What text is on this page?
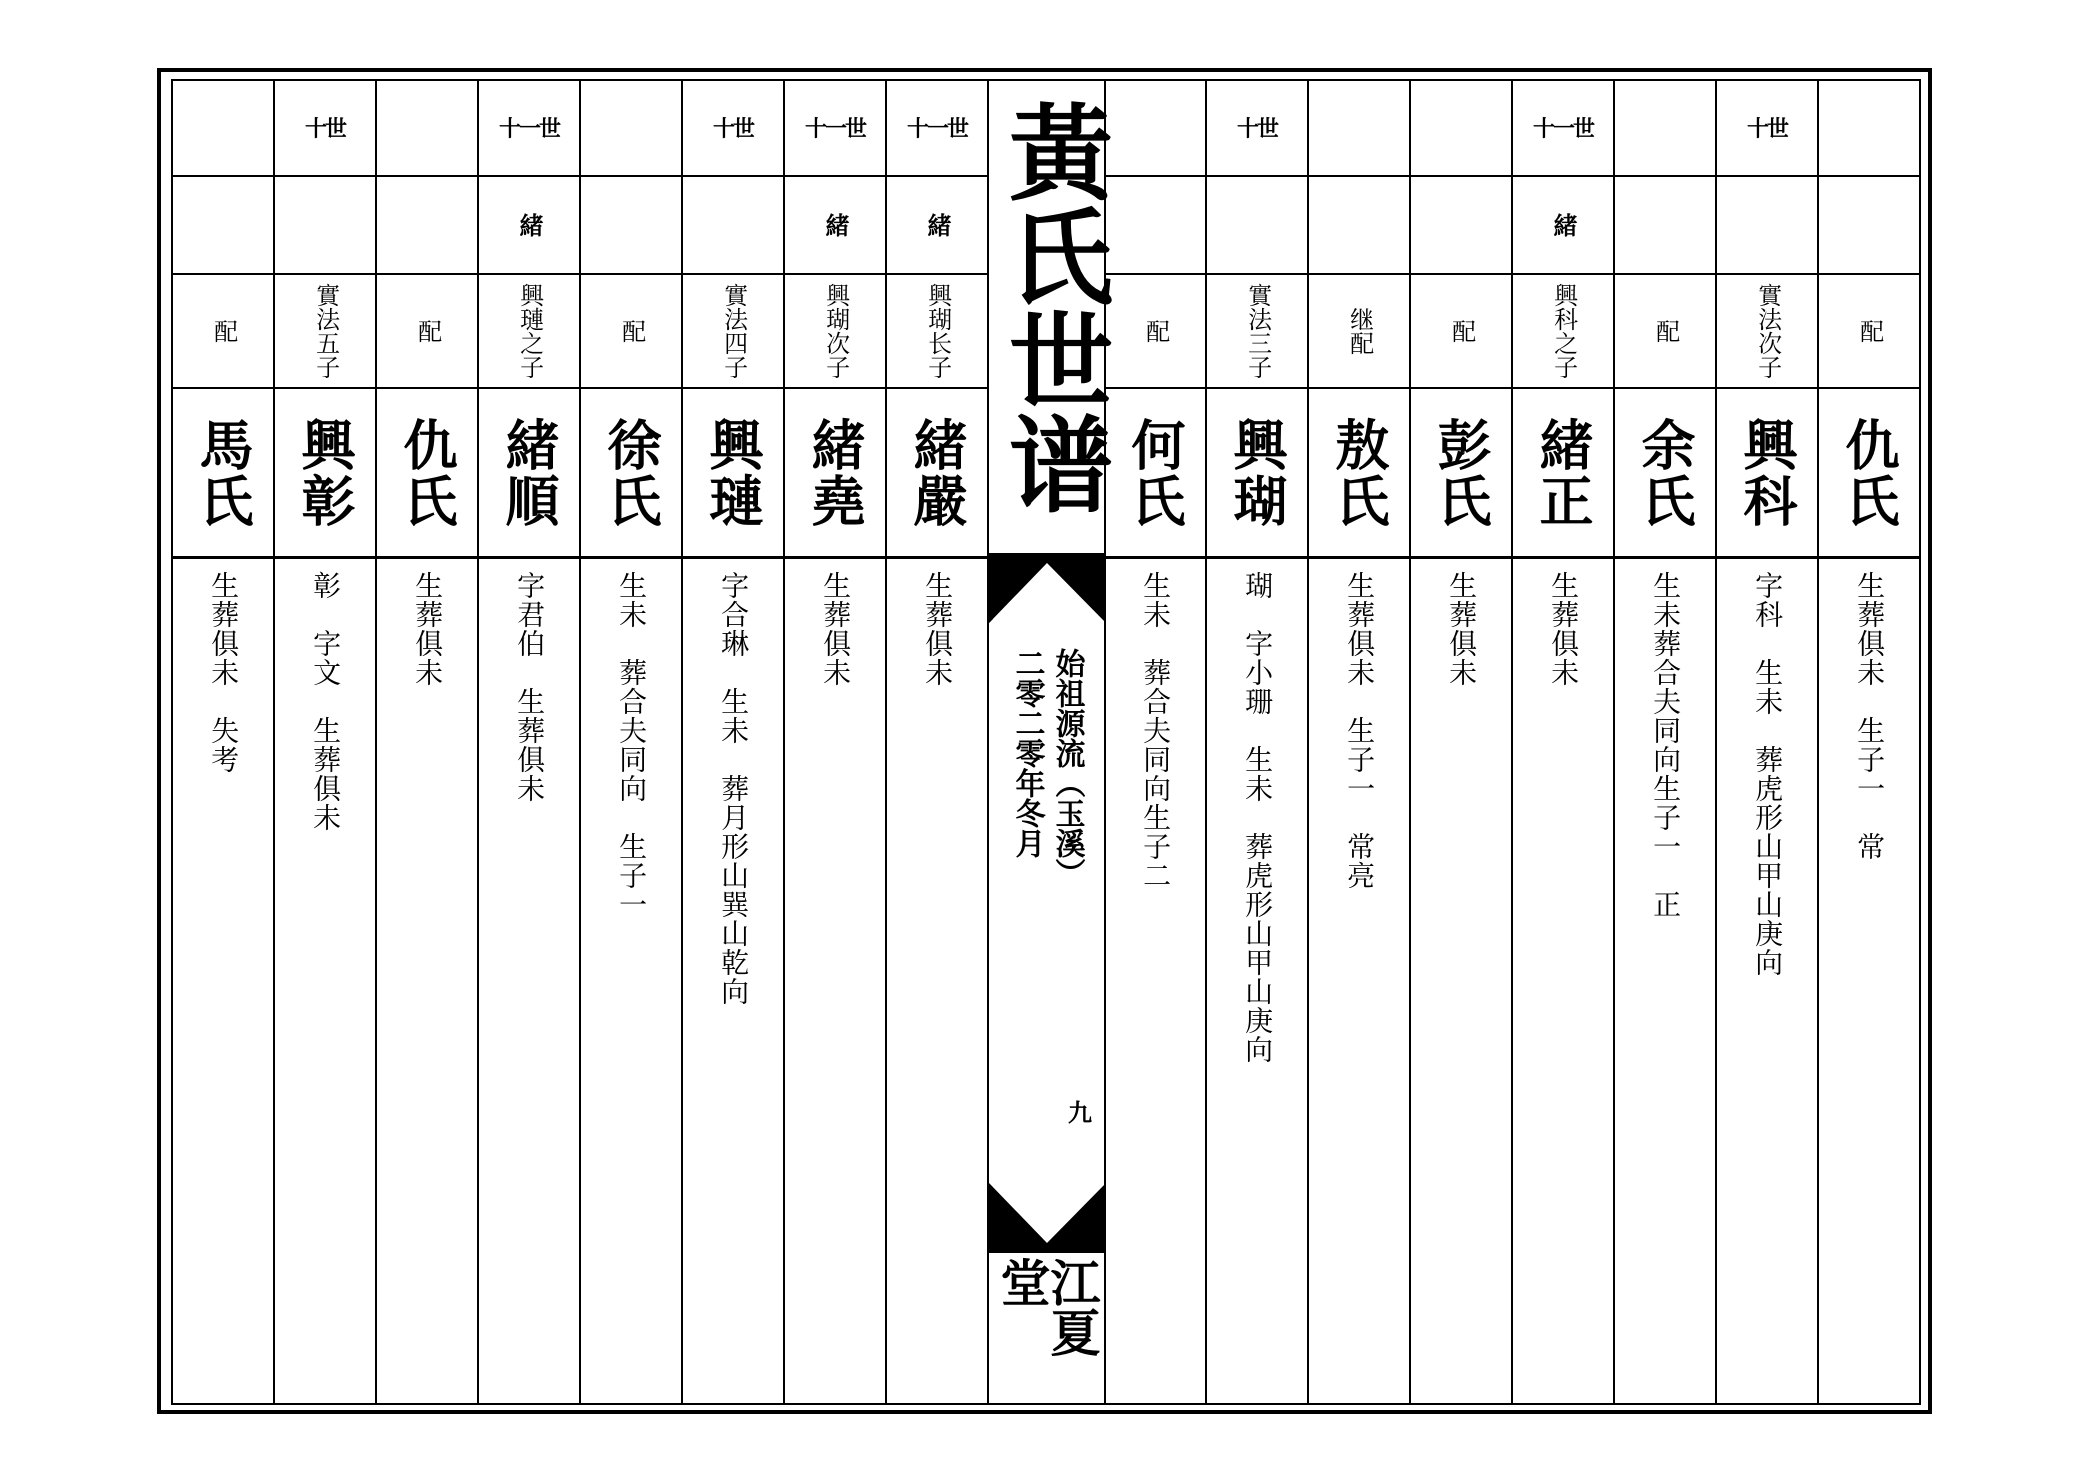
配
仇氏
生葬俱未　生子一　常
十世
實法次子
興科
字科　生未　葬虎形山甲山庚向
配
余氏
生未葬合夫同向生子一　正
十一世
緒
興科之子
緒正
生葬俱未
配
彭氏
生葬俱未
继配
敖氏
生葬俱未　生子一　常亮
十世
實法三子
興瑚
瑚　字小珊　生未　葬虎形山甲山庚向
配
何氏
生未　葬合夫同向生子二
十一世
緒
興瑚长子
緒嚴
生葬俱未
十一世
緒
興瑚次子
緒堯
生葬俱未
十世
實法四子
興璉
字合琳　生未　葬月形山巽山乾向
配
徐氏
生未　葬合夫同向　生子一
十一世
緒
興璉之子
緒順
字君伯　生葬俱未
配
仇氏
生葬俱未
十世
實法五子
興彰
彰　字文　生葬俱未
配
馬氏
生葬俱未　失考
黃氏世谱
始祖源流（玉溪）
二零二零年冬月
九
江夏堂
